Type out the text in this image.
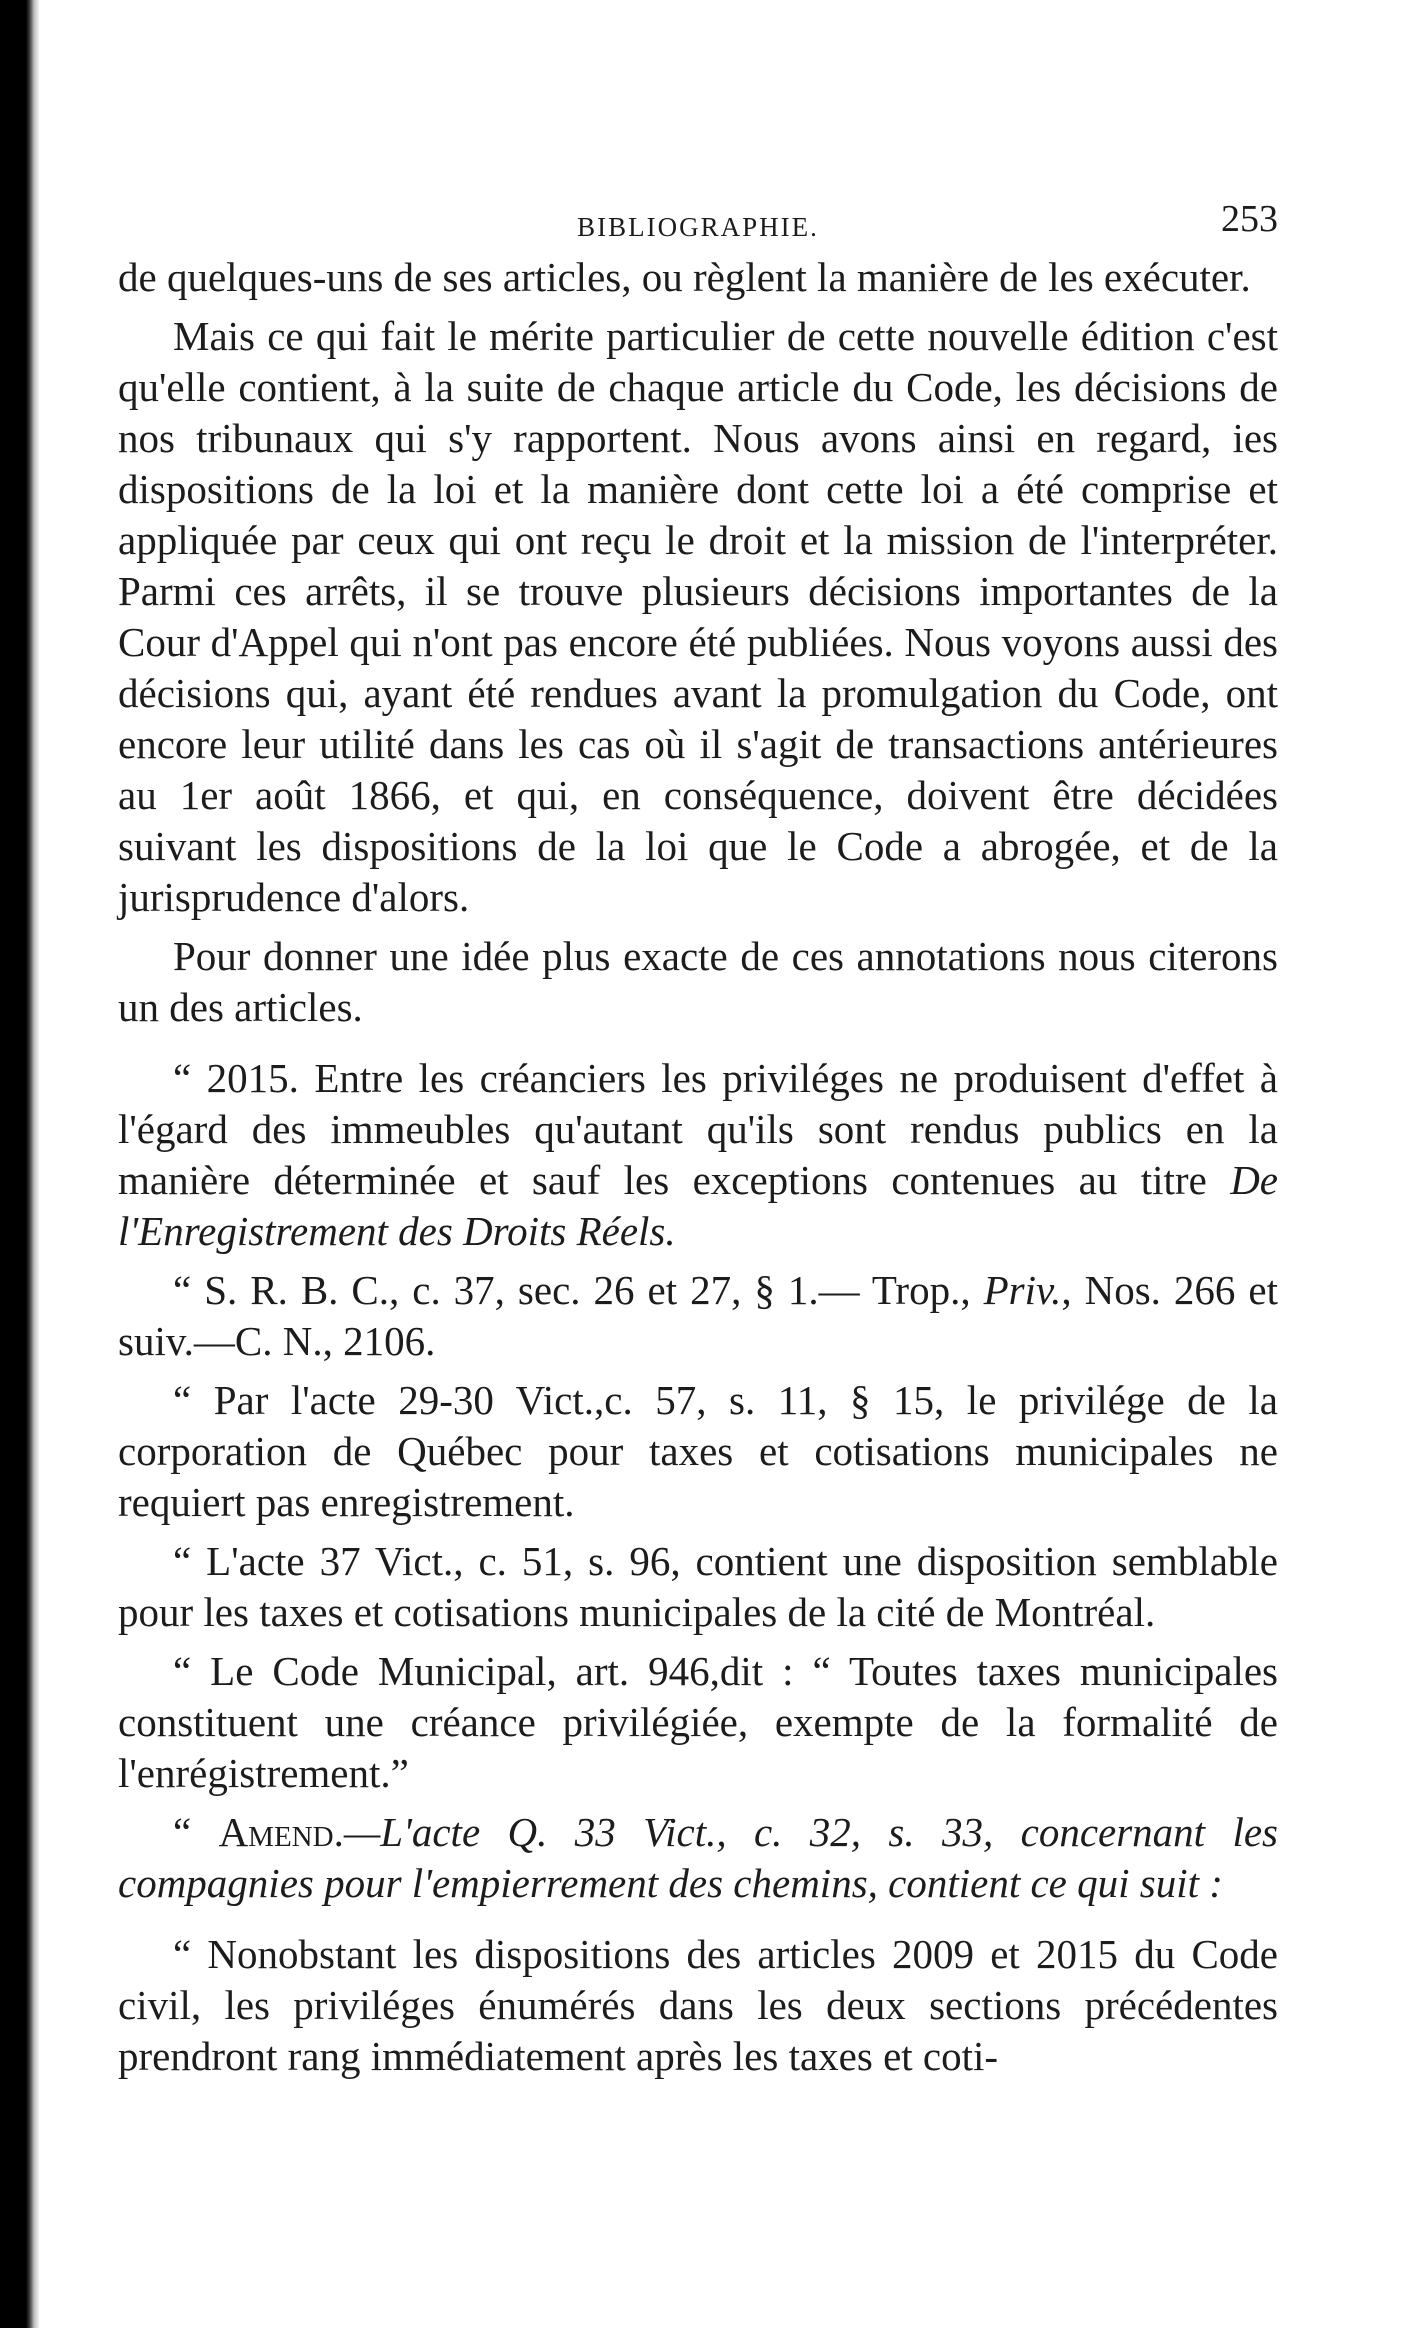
BIBLIOGRAPHIE.	253

de quelques-uns de ses articles, ou règlent la manière de les exécuter.

Mais ce qui fait le mérite particulier de cette nouvelle édition c'est qu'elle contient, à la suite de chaque article du Code, les décisions de nos tribunaux qui s'y rapportent. Nous avons ainsi en regard, ies dispositions de la loi et la manière dont cette loi a été comprise et appliquée par ceux qui ont reçu le droit et la mission de l'interpréter. Parmi ces arrêts, il se trouve plusieurs décisions importantes de la Cour d'Appel qui n'ont pas encore été publiées. Nous voyons aussi des décisions qui, ayant été rendues avant la promulgation du Code, ont encore leur utilité dans les cas où il s'agit de transactions antérieures au 1er août 1866, et qui, en conséquence, doivent être décidées suivant les dispositions de la loi que le Code a abrogée, et de la jurisprudence d'alors.

Pour donner une idée plus exacte de ces annotations nous citerons un des articles.

“ 2015. Entre les créanciers les priviléges ne produisent d'effet à l'égard des immeubles qu'autant qu'ils sont rendus publics en la manière déterminée et sauf les exceptions contenues au titre De l'Enregistrement des Droits Réels.

“ S. R. B. C., c. 37, sec. 26 et 27, § 1.— Trop., Priv., Nos. 266 et suiv.—C. N., 2106.

“ Par l'acte 29-30 Vict.,c. 57, s. 11, § 15, le privilége de la corporation de Québec pour taxes et cotisations municipales ne requiert pas enregistrement.

“ L'acte 37 Vict., c. 51, s. 96, contient une disposition semblable pour les taxes et cotisations municipales de la cité de Montréal.

“ Le Code Municipal, art. 946,dit : “ Toutes taxes municipales constituent une créance privilégiée, exempte de la formalité de l'enrégistrement.”

“ Amend.—L'acte Q. 33 Vict., c. 32, s. 33, concernant les compagnies pour l'empierrement des chemins, contient ce qui suit :

“ Nonobstant les dispositions des articles 2009 et 2015 du Code civil, les priviléges énumérés dans les deux sections précédentes prendront rang immédiatement après les taxes et coti-
